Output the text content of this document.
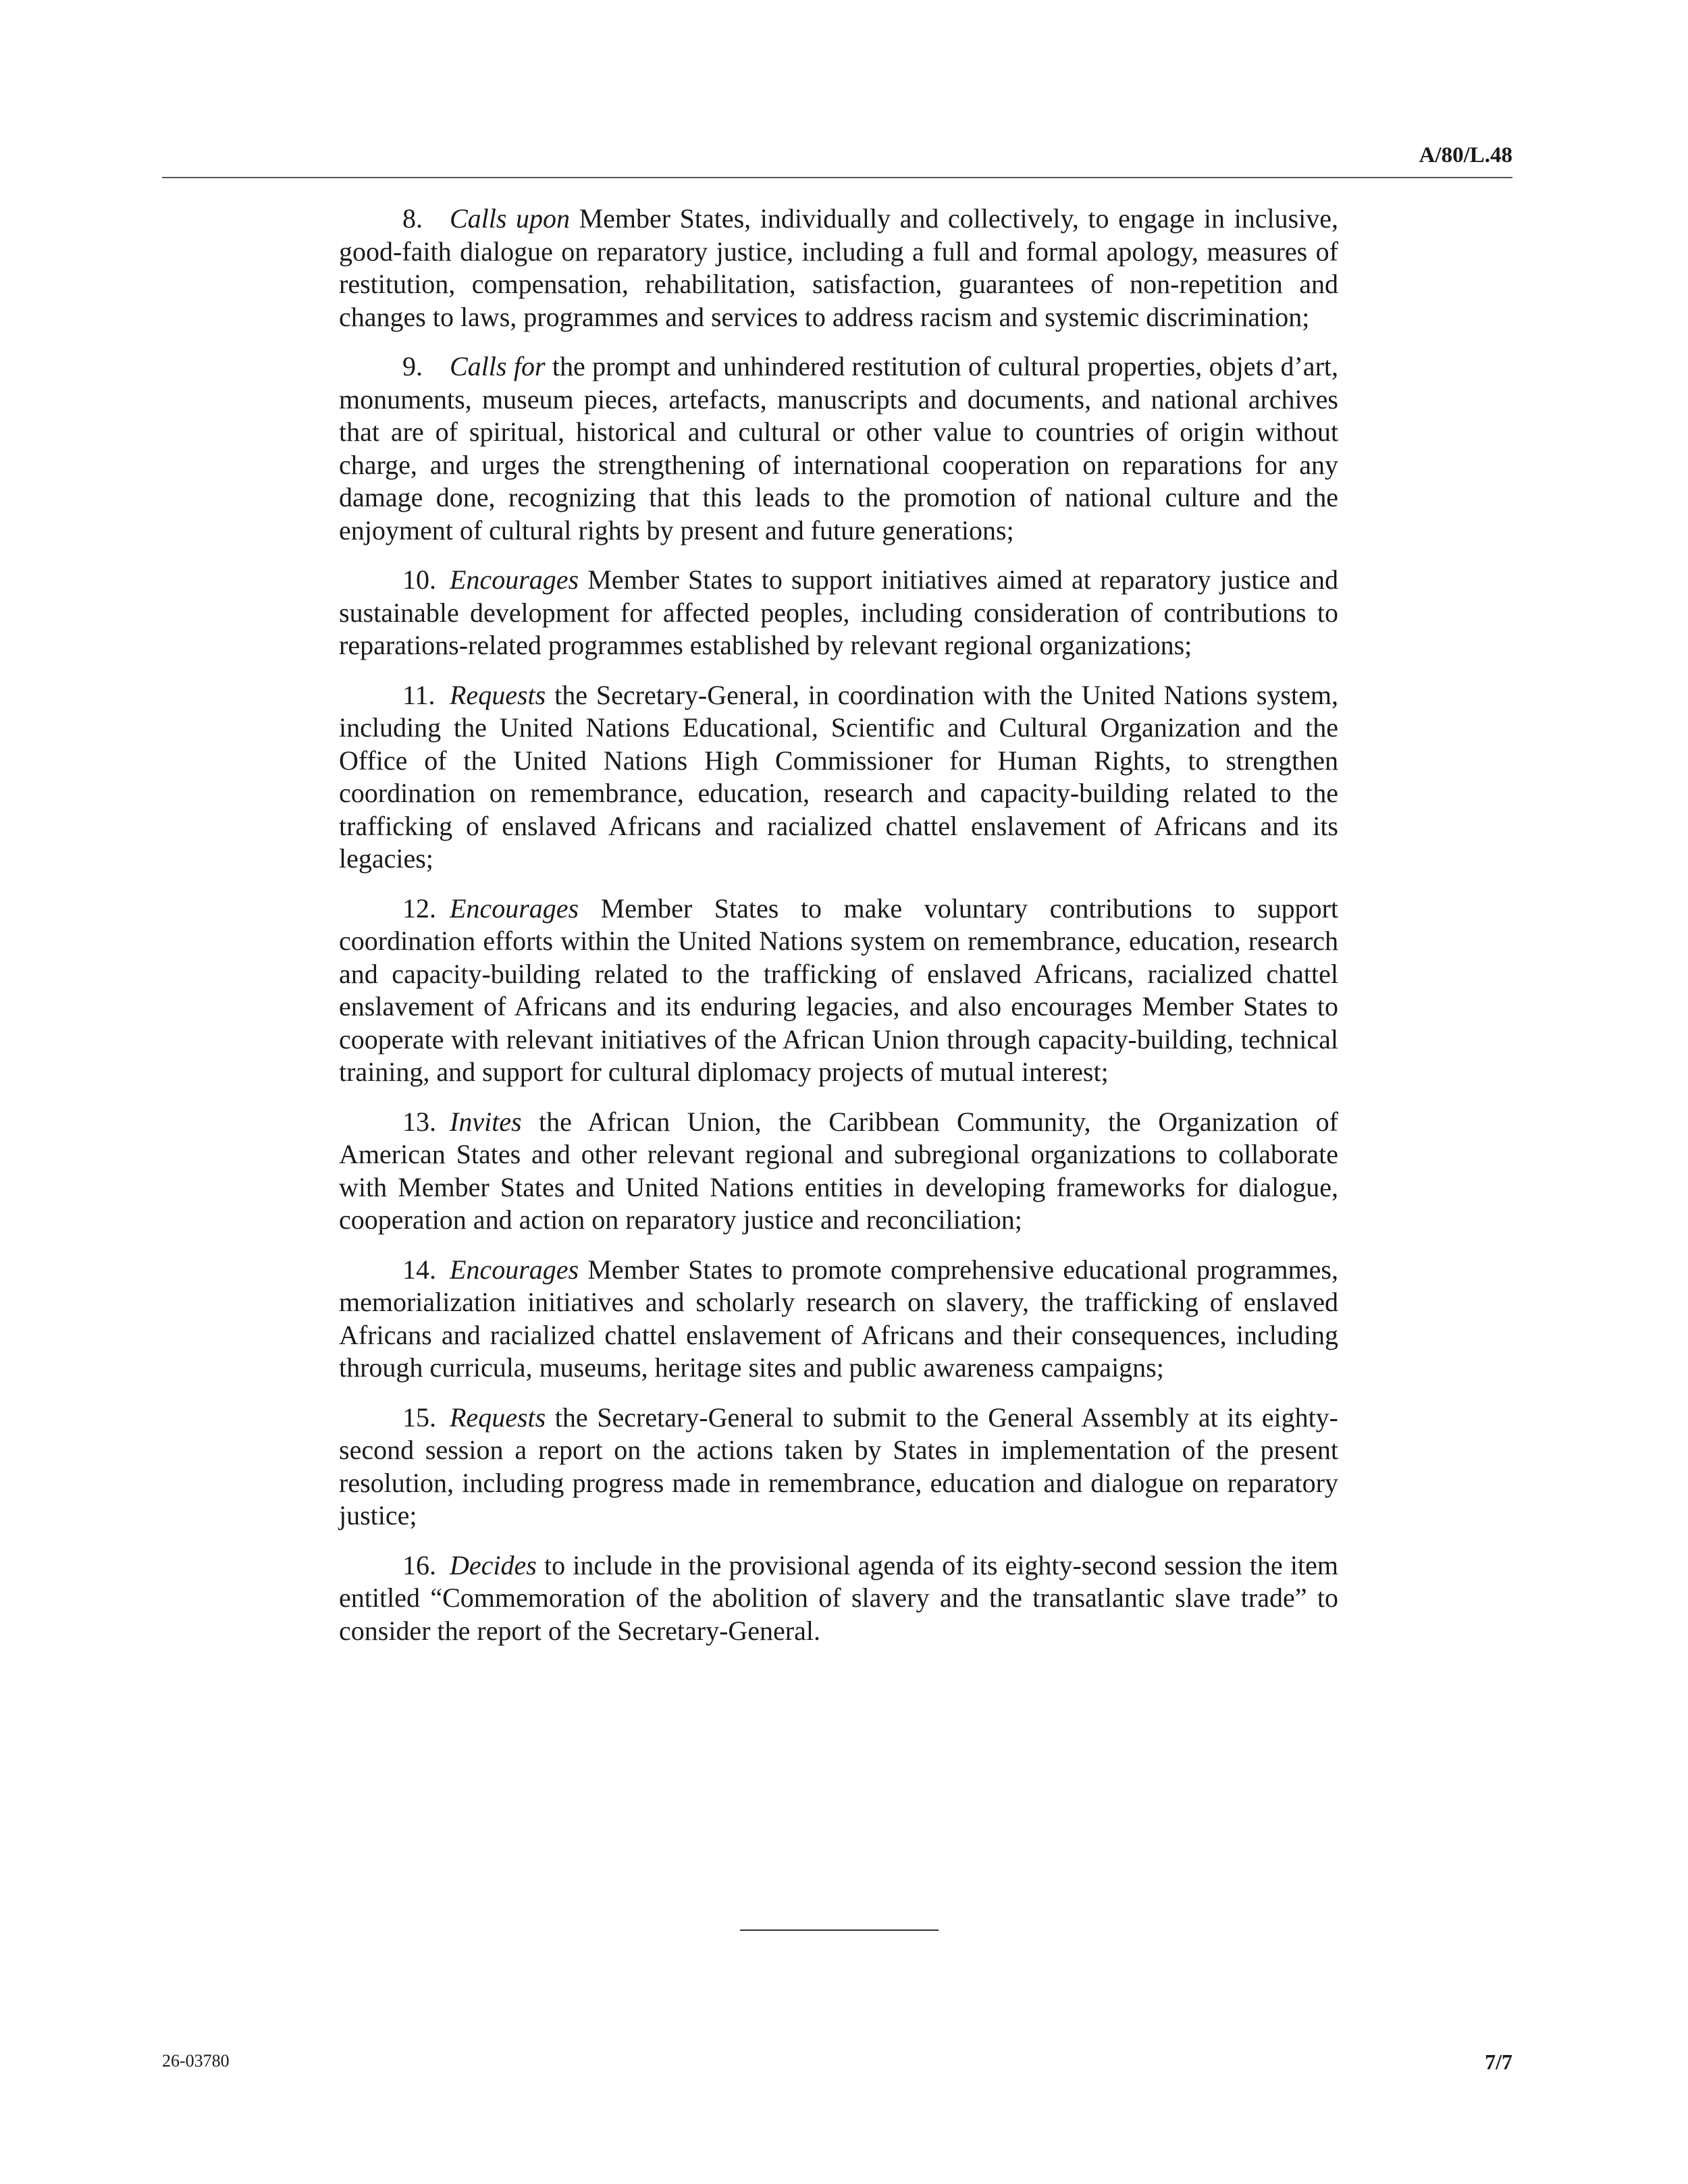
A/80/L.48

8. Calls upon Member States, individually and collectively, to engage in inclusive, good-faith dialogue on reparatory justice, including a full and formal apology, measures of restitution, compensation, rehabilitation, satisfaction, guarantees of non-repetition and changes to laws, programmes and services to address racism and systemic discrimination;

9. Calls for the prompt and unhindered restitution of cultural properties, objets d’art, monuments, museum pieces, artefacts, manuscripts and documents, and national archives that are of spiritual, historical and cultural or other value to countries of origin without charge, and urges the strengthening of international cooperation on reparations for any damage done, recognizing that this leads to the promotion of national culture and the enjoyment of cultural rights by present and future generations;

10. Encourages Member States to support initiatives aimed at reparatory justice and sustainable development for affected peoples, including consideration of contributions to reparations-related programmes established by relevant regional organizations;

11. Requests the Secretary-General, in coordination with the United Nations system, including the United Nations Educational, Scientific and Cultural Organization and the Office of the United Nations High Commissioner for Human Rights, to strengthen coordination on remembrance, education, research and capacity-building related to the trafficking of enslaved Africans and racialized chattel enslavement of Africans and its legacies;

12. Encourages Member States to make voluntary contributions to support coordination efforts within the United Nations system on remembrance, education, research and capacity-building related to the trafficking of enslaved Africans, racialized chattel enslavement of Africans and its enduring legacies, and also encourages Member States to cooperate with relevant initiatives of the African Union through capacity-building, technical training, and support for cultural diplomacy projects of mutual interest;

13. Invites the African Union, the Caribbean Community, the Organization of American States and other relevant regional and subregional organizations to collaborate with Member States and United Nations entities in developing frameworks for dialogue, cooperation and action on reparatory justice and reconciliation;

14. Encourages Member States to promote comprehensive educational programmes, memorialization initiatives and scholarly research on slavery, the trafficking of enslaved Africans and racialized chattel enslavement of Africans and their consequences, including through curricula, museums, heritage sites and public awareness campaigns;

15. Requests the Secretary-General to submit to the General Assembly at its eighty-second session a report on the actions taken by States in implementation of the present resolution, including progress made in remembrance, education and dialogue on reparatory justice;

16. Decides to include in the provisional agenda of its eighty-second session the item entitled “Commemoration of the abolition of slavery and the transatlantic slave trade” to consider the report of the Secretary-General.

26-03780	7/7
